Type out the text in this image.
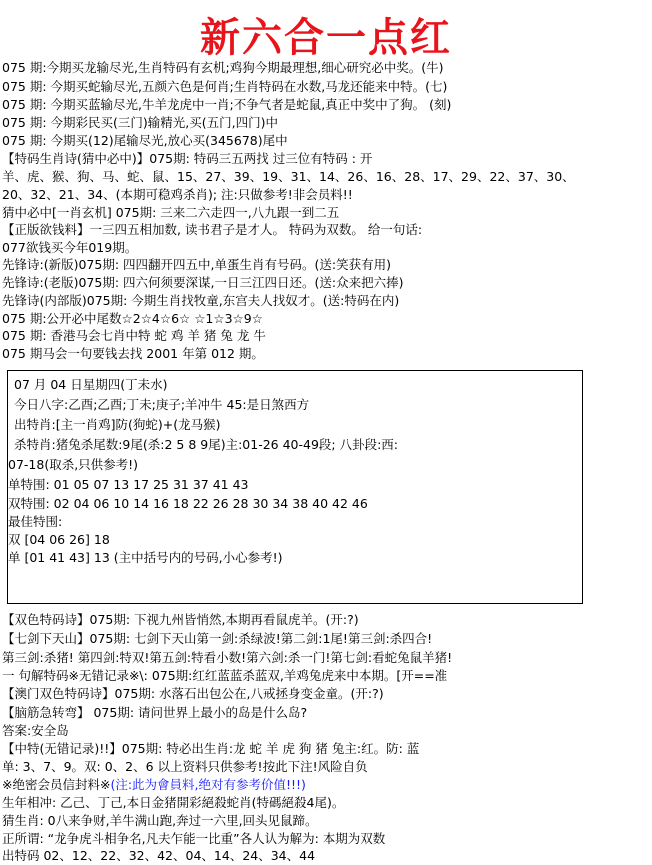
新六合一点红
075 期:今期买龙输尽光,生肖特码有玄机;鸡狗今期最理想,细心研究必中奖。(牛)
075 期: 今期买蛇输尽光,五颜六色是何肖;生肖特码在水数,马龙还能来中特。(七)
075 期: 今期买蓝输尽光,牛羊龙虎中一肖;不争气者是蛇鼠,真正中奖中了狗。 (刻)
075 期: 今期彩民买(三门)输精光,买(五门,四门)中
075 期: 今期买(12)尾输尽光,放心买(345678)尾中
【特码生肖诗(猜中必中)】075期: 特码三五两找 过三位有特码 : 开
羊、虎、猴、狗、马、蛇、鼠、15、27、39、19、31、14、26、16、28、17、29、22、37、30、
20、32、21、34、(本期可稳鸡杀肖); 注:只做参考!非会员料!!
猜中必中[一肖玄机] 075期: 三来二六走四一,八九跟一到二五
【正版欲钱料】一三四五相加数, 读书君子是才人。 特码为双数。 给一句话:
077欲钱买今年019期。
先锋诗:(新版)075期: 四四翻开四五中,单蛋生肖有号码。(送:笑获有用)
先锋诗:(老版)075期: 四六何须要深谋,一日三江四日还。(送:众来把六捧)
先锋诗(内部版)075期: 今期生肖找牧童,东宫夫人找奴才。(送:特码在内)
075 期:公开必中尾数☆2☆4☆6☆ ☆1☆3☆9☆
075 期: 香港马会七肖中特 蛇 鸡 羊 猪 兔 龙 牛
075 期马会一句要钱去找 2001 年第 012 期。
07 月 04 日星期四(丁未水)
今日八字:乙酉;乙酉;丁未;庚子;羊冲牛 45:是日煞西方
出特肖:[主一肖鸡]防(狗蛇)+(龙马猴)
杀特肖:猪兔杀尾数:9尾(杀:2 5 8 9尾)主:01-26 40-49段; 八卦段:西:
07-18(取杀,只供参考!)
单特围: 01 05 07 13 17 25 31 37 41 43
双特围: 02 04 06 10 14 16 18 22 26 28 30 34 38 40 42 46
最佳特围:
双 [04 06 26] 18
单 [01 41 43] 13 (主中括号内的号码,小心参考!)
【双色特码诗】075期: 下视九州皆悄然,本期再看鼠虎羊。(开:?)
【七剑下天山】075期: 七剑下天山第一剑:杀绿波!第二剑:1尾!第三剑:杀四合!
第三剑:杀猪! 第四剑:特双!第五剑:特看小数!第六剑:杀一门!第七剑:看蛇兔鼠羊猪!
一 句解特码※无错记录※\: 075期:红红蓝蓝杀蓝双,羊鸡兔虎来中本期。[开==准
【澳门双色特码诗】075期: 水落石出包公在,八戒拯身变金童。(开:?)
【脑筋急转弯】 075期: 请问世界上最小的岛是什么岛?
答案:安全岛
【中特(无错记录)!!】075期: 特必出生肖:龙 蛇 羊 虎 狗 猪 兔主:红。防: 蓝
单: 3、7、9。双: 0、2、6 以上资料只供参考!按此下注!风险自负
※绝密会员信封料※(注:此为會員料,绝对有参考价值!!!)
生年相冲: 乙己、丁己,本日金猪開彩絕殺蛇肖(特碼絕殺4尾)。
猜生肖: 0八来争财,羊牛满山跑,奔过一六里,回头见鼠蹄。
正所谓: “龙争虎斗相争名,凡夫乍能一比重”各人认为解为: 本期为双数
出特码 02、12、22、32、42、04、14、24、34、44
